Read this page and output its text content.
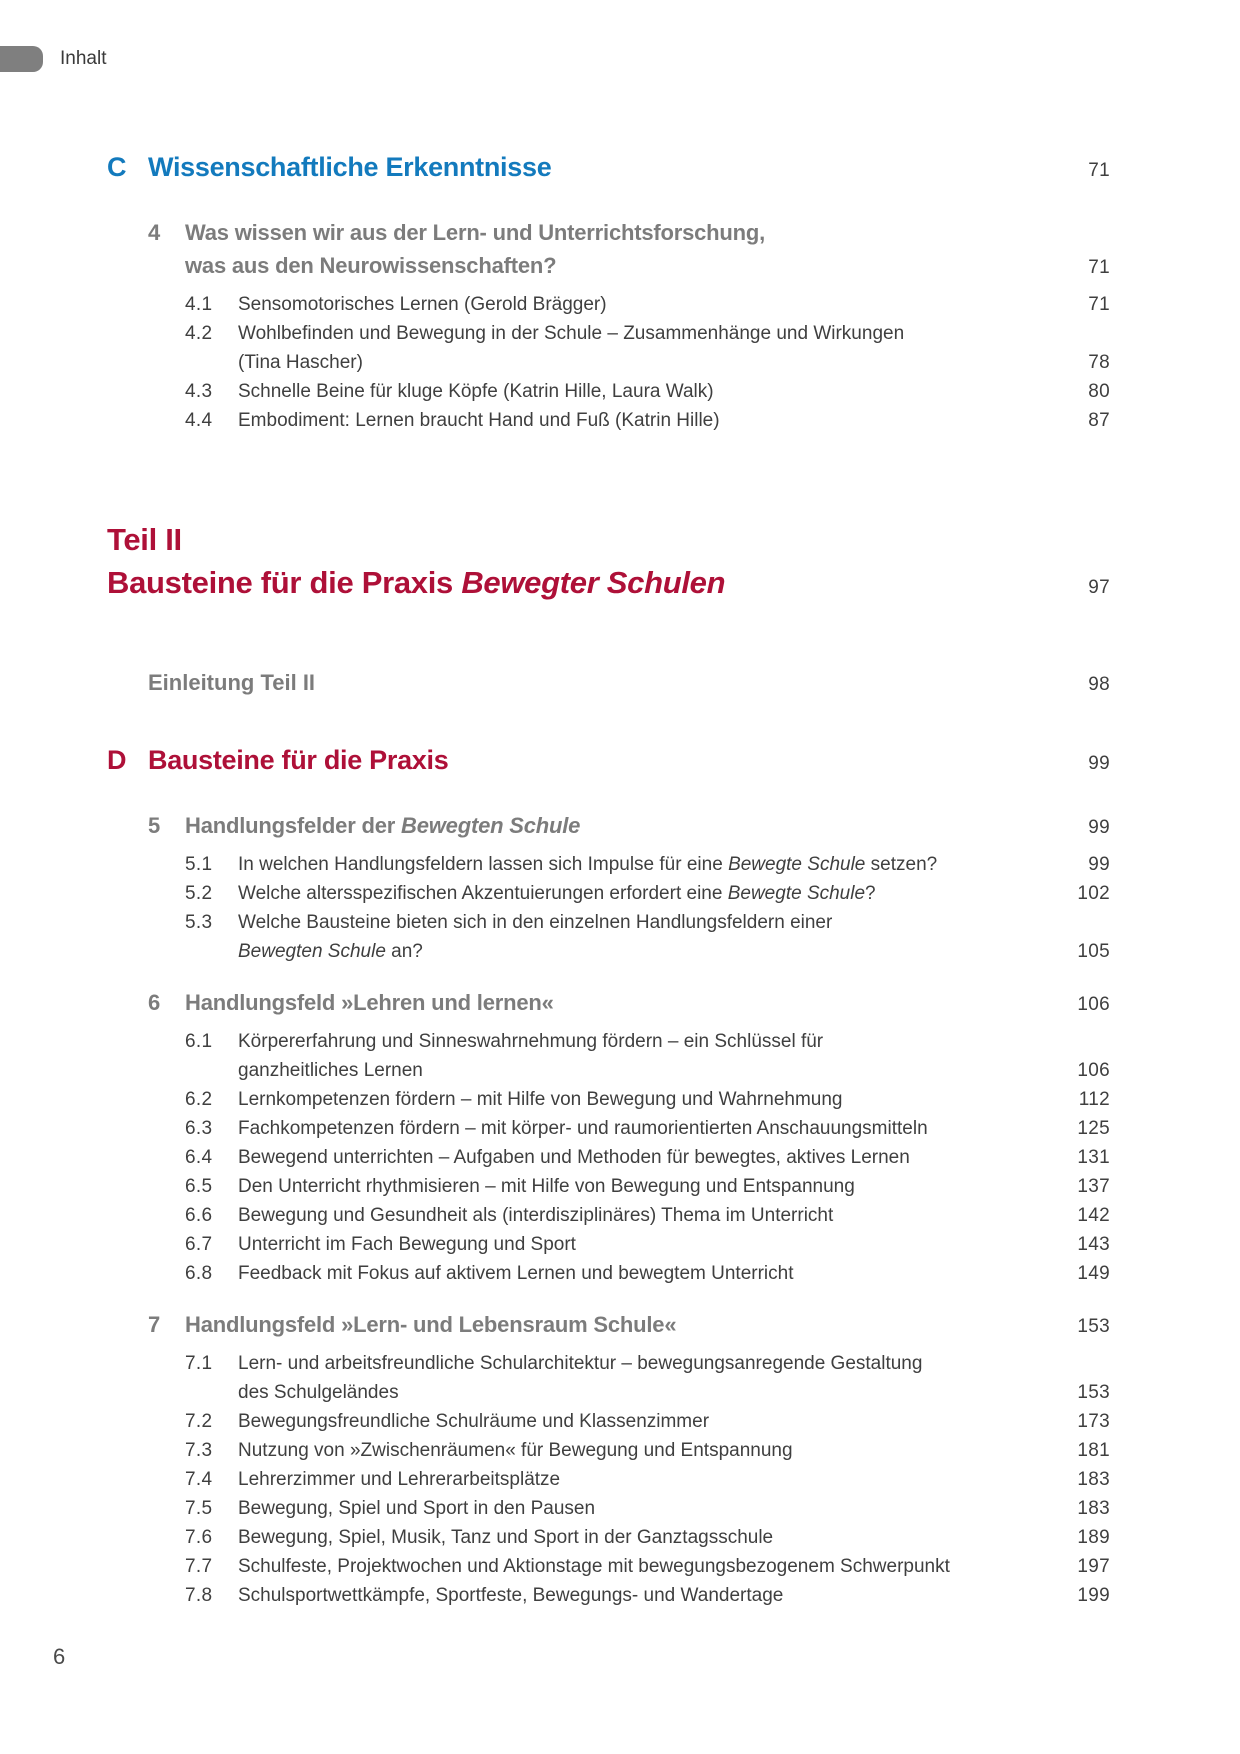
Inhalt
C Wissenschaftliche Erkenntnisse	71
4	Was wissen wir aus der Lern- und Unterrichtsforschung,
was aus den Neurowissenschaften?	71
4.1	Sensomotorisches Lernen (Gerold Brägger)	71
4.2	Wohlbefinden und Bewegung in der Schule – Zusammenhänge und Wirkungen
(Tina Hascher)	78
4.3	Schnelle Beine für kluge Köpfe (Katrin Hille, Laura Walk)	80
4.4	Embodiment: Lernen braucht Hand und Fuß (Katrin Hille)	87
Teil II
Bausteine für die Praxis Bewegter Schulen	97
Einleitung Teil II	98
D Bausteine für die Praxis	99
5	Handlungsfelder der Bewegten Schule	99
5.1	In welchen Handlungsfeldern lassen sich Impulse für eine Bewegte Schule setzen?	99
5.2	Welche altersspezifischen Akzentuierungen erfordert eine Bewegte Schule?	102
5.3	Welche Bausteine bieten sich in den einzelnen Handlungsfeldern einer
Bewegten Schule an?	105
6	Handlungsfeld »Lehren und lernen«	106
6.1	Körpererfahrung und Sinneswahrnehmung fördern – ein Schlüssel für
ganzheitliches Lernen	106
6.2	Lernkompetenzen fördern – mit Hilfe von Bewegung und Wahrnehmung	112
6.3	Fachkompetenzen fördern – mit körper- und raumorientierten Anschauungsmitteln	125
6.4	Bewegend unterrichten – Aufgaben und Methoden für bewegtes, aktives Lernen	131
6.5	Den Unterricht rhythmisieren – mit Hilfe von Bewegung und Entspannung	137
6.6	Bewegung und Gesundheit als (interdisziplinäres) Thema im Unterricht	142
6.7	Unterricht im Fach Bewegung und Sport	143
6.8	Feedback mit Fokus auf aktivem Lernen und bewegtem Unterricht	149
7	Handlungsfeld »Lern- und Lebensraum Schule«	153
7.1	Lern- und arbeitsfreundliche Schularchitektur – bewegungsanregende Gestaltung
des Schulgeländes	153
7.2	Bewegungsfreundliche Schulräume und Klassenzimmer	173
7.3	Nutzung von »Zwischenräumen« für Bewegung und Entspannung	181
7.4	Lehrerzimmer und Lehrerarbeitsplätze	183
7.5	Bewegung, Spiel und Sport in den Pausen	183
7.6	Bewegung, Spiel, Musik, Tanz und Sport in der Ganztagsschule	189
7.7	Schulfeste, Projektwochen und Aktionstage mit bewegungsbezogenem Schwerpunkt	197
7.8	Schulsportwettkämpfe, Sportfeste, Bewegungs- und Wandertage	199
6
